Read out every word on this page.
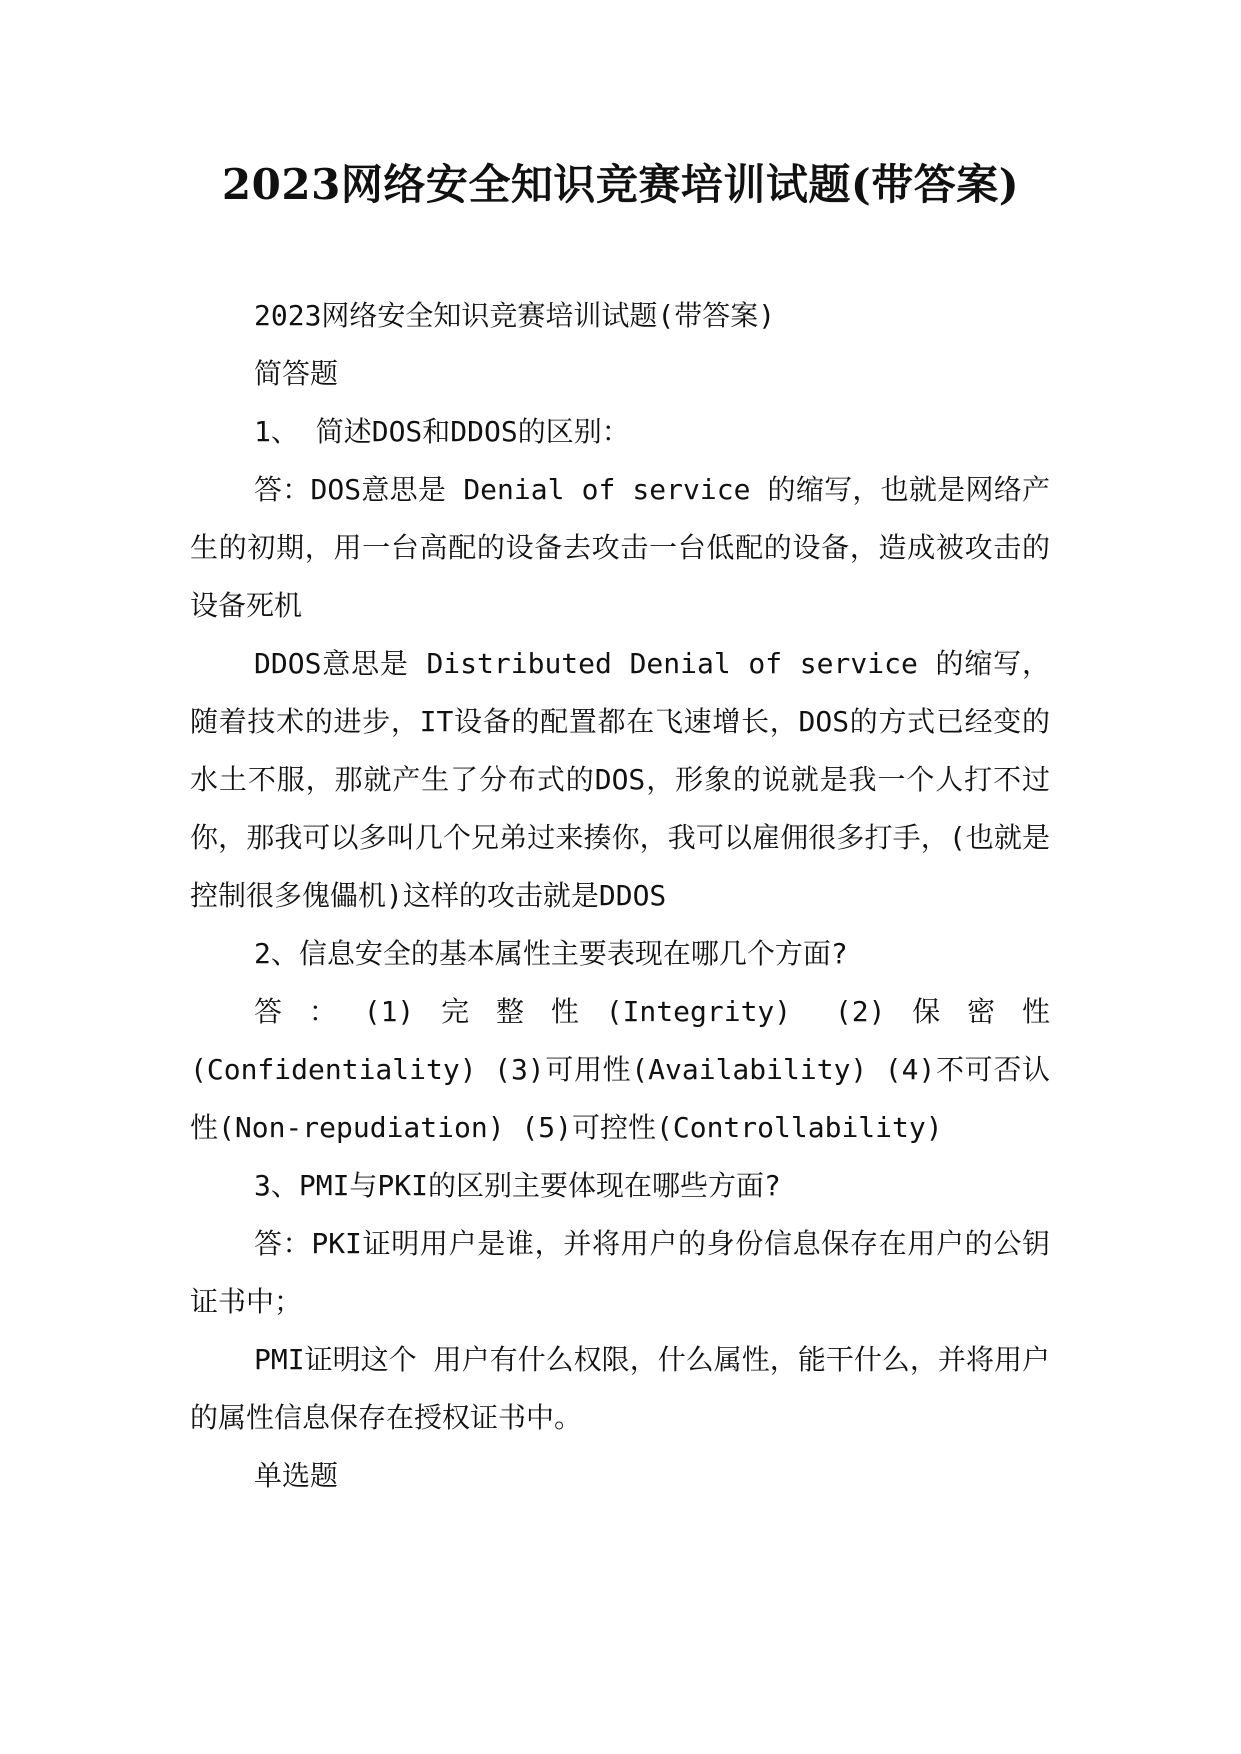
2023网络安全知识竞赛培训试题(带答案)

2023网络安全知识竞赛培训试题(带答案)

简答题

1、 简述DOS和DDOS的区别：

答：DOS意思是 Denial of service 的缩写，也就是网络产生的初期，用一台高配的设备去攻击一台低配的设备，造成被攻击的设备死机

DDOS意思是 Distributed Denial of service 的缩写，随着技术的进步，IT设备的配置都在飞速增长，DOS的方式已经变的水土不服，那就产生了分布式的DOS，形象的说就是我一个人打不过你，那我可以多叫几个兄弟过来揍你，我可以雇佣很多打手，(也就是控制很多傀儡机)这样的攻击就是DDOS

2、信息安全的基本属性主要表现在哪几个方面?

答：(1)完整性(Integrity) (2)保密性(Confidentiality) (3)可用性(Availability) (4)不可否认性(Non-repudiation) (5)可控性(Controllability)

3、PMI与PKI的区别主要体现在哪些方面?

答：PKI证明用户是谁，并将用户的身份信息保存在用户的公钥证书中；

PMI证明这个 用户有什么权限，什么属性，能干什么，并将用户的属性信息保存在授权证书中。

单选题
